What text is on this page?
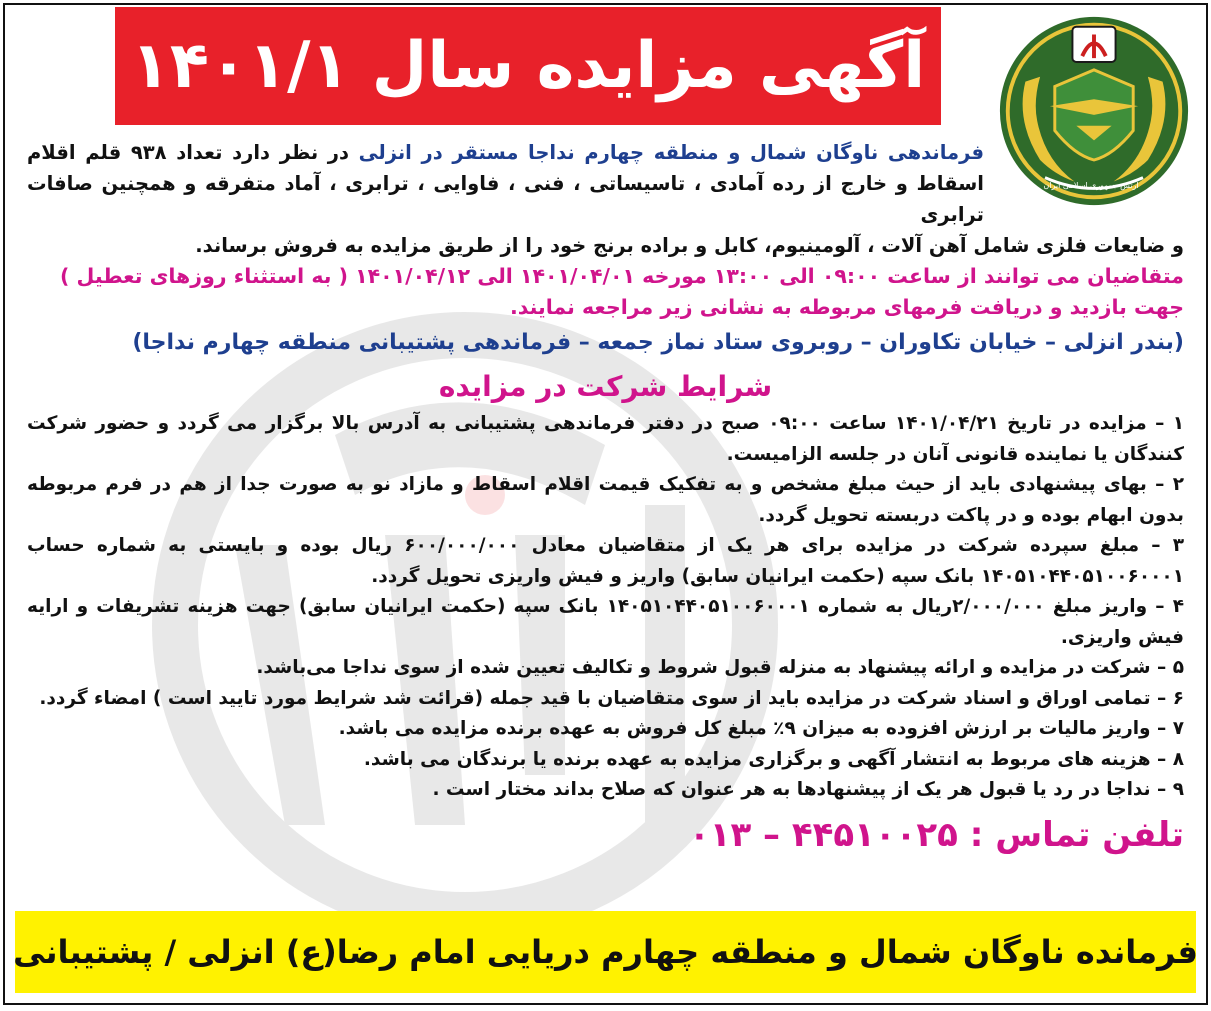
آگهی مزایده سال ۱۴۰۱/۱
ارتش جمهوری اسلامی ایران
فرماندهی ناوگان شمال و منطقه چهارم نداجا مستقر در انزلی در نظر دارد تعداد ۹۳۸ قلم اقلام اسقاط و خارج از رده آمادی ، تاسیساتی ، فنی ، فاوایی ، ترابری ، آماد متفرقه و همچنین صافات ترابری
و ضایعات فلزی شامل آهن آلات ، آلومینیوم، کابل و براده برنج خود را از طریق مزایده به فروش برساند.
متقاضیان می توانند از ساعت ۰۹:۰۰ الی ۱۳:۰۰ مورخه ۱۴۰۱/۰۴/۰۱ الی ۱۴۰۱/۰۴/۱۲ ( به استثناء روزهای تعطیل )
جهت بازدید و دریافت فرمهای مربوطه به نشانی زیر مراجعه نمایند.
(بندر انزلی – خیابان تکاوران – روبروی ستاد نماز جمعه – فرماندهی پشتیبانی منطقه چهارم نداجا)
شرایط شرکت در مزایده

۱ – مزایده در تاریخ ۱۴۰۱/۰۴/۲۱ ساعت ۰۹:۰۰ صبح در دفتر فرماندهی پشتیبانی به آدرس بالا برگزار می گردد و حضور شرکت کنندگان یا نماینده قانونی آنان در جلسه الزامیست.

۲ – بهای پیشنهادی باید از حیث مبلغ مشخص و به تفکیک قیمت اقلام اسقاط و مازاد نو به صورت جدا از هم در فرم مربوطه بدون ابهام بوده و در پاکت دربسته تحویل گردد.

۳ – مبلغ سپرده شرکت در مزایده برای هر یک از متقاضیان معادل ۶۰۰/۰۰۰/۰۰۰ ریال بوده و بایستی به شماره حساب ۱۴۰۵۱۰۴۴۰۵۱۰۰۶۰۰۰۱ بانک سپه (حکمت ایرانیان سابق) واریز و فیش واریزی تحویل گردد.

۴ – واریز مبلغ ۲/۰۰۰/۰۰۰ریال به شماره ۱۴۰۵۱۰۴۴۰۵۱۰۰۶۰۰۰۱ بانک سپه (حکمت ایرانیان سابق) جهت هزینه تشریفات و ارایه فیش واریزی.

۵ – شرکت در مزایده و ارائه پیشنهاد به منزله قبول شروط و تکالیف تعیین شده از سوی نداجا می‌باشد.

۶ – تمامی اوراق و اسناد شرکت در مزایده باید از سوی متقاضیان با قید جمله (قرائت شد شرایط مورد تایید است ) امضاء گردد.

۷ – واریز مالیات بر ارزش افزوده به میزان ۹٪ مبلغ کل فروش به عهده برنده مزایده می باشد.

۸ – هزینه های مربوط به انتشار آگهی و برگزاری مزایده به عهده برنده یا برندگان می باشد.

۹ – نداجا در رد یا قبول هر یک از پیشنهادها به هر عنوان که صلاح بداند مختار است .

تلفن تماس : ۴۴۵۱۰۰۲۵ – ۰۱۳
فرمانده ناوگان شمال و منطقه چهارم دریایی امام رضا(ع) انزلی / پشتیبانی
